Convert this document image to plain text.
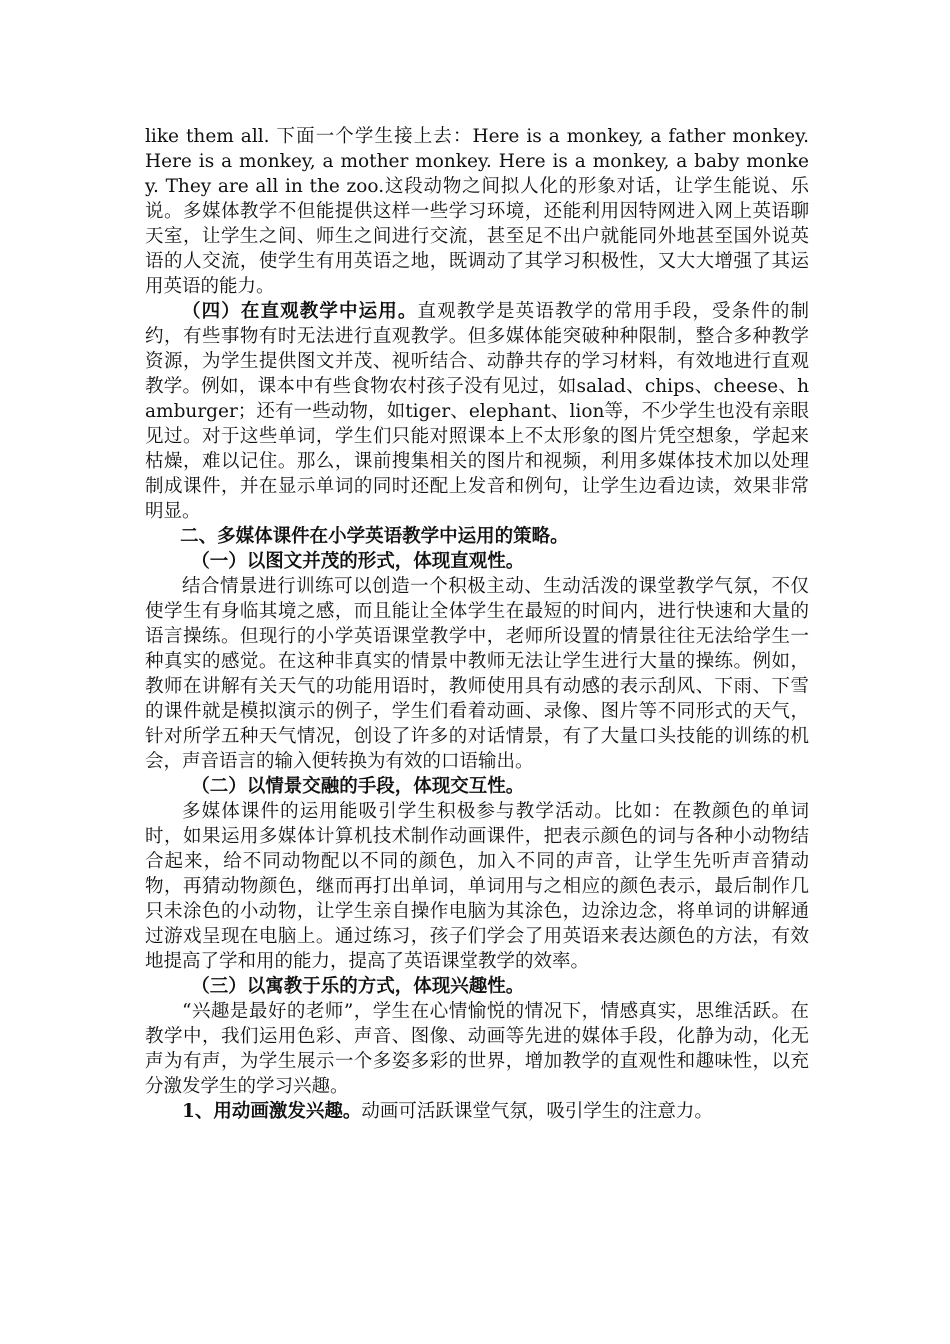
like them all. 下面一个学生接上去：Here is a monkey, a father monkey. Here is a monkey, a mother monkey. Here is a monkey, a baby monkey. They are all in the zoo.这段动物之间拟人化的形象对话，让学生能说、乐说。多媒体教学不但能提供这样一些学习环境，还能利用因特网进入网上英语聊天室，让学生之间、师生之间进行交流，甚至足不出户就能同外地甚至国外说英语的人交流，使学生有用英语之地，既调动了其学习积极性，又大大增强了其运用英语的能力。

（四）在直观教学中运用。直观教学是英语教学的常用手段，受条件的制约，有些事物有时无法进行直观教学。但多媒体能突破种种限制，整合多种教学资源，为学生提供图文并茂、视听结合、动静共存的学习材料，有效地进行直观教学。例如，课本中有些食物农村孩子没有见过，如salad、chips、cheese、hamburger；还有一些动物，如tiger、elephant、lion等，不少学生也没有亲眼见过。对于这些单词，学生们只能对照课本上不太形象的图片凭空想象，学起来枯燥，难以记住。那么，课前搜集相关的图片和视频，利用多媒体技术加以处理制成课件，并在显示单词的同时还配上发音和例句，让学生边看边读，效果非常明显。

二、多媒体课件在小学英语教学中运用的策略。

（一）以图文并茂的形式，体现直观性。

结合情景进行训练可以创造一个积极主动、生动活泼的课堂教学气氛，不仅使学生有身临其境之感，而且能让全体学生在最短的时间内，进行快速和大量的语言操练。但现行的小学英语课堂教学中，老师所设置的情景往往无法给学生一种真实的感觉。在这种非真实的情景中教师无法让学生进行大量的操练。例如，教师在讲解有关天气的功能用语时，教师使用具有动感的表示刮风、下雨、下雪的课件就是模拟演示的例子，学生们看着动画、录像、图片等不同形式的天气，针对所学五种天气情况，创设了许多的对话情景，有了大量口头技能的训练的机会，声音语言的输入便转换为有效的口语输出。

（二）以情景交融的手段，体现交互性。

多媒体课件的运用能吸引学生积极参与教学活动。比如：在教颜色的单词时，如果运用多媒体计算机技术制作动画课件，把表示颜色的词与各种小动物结合起来，给不同动物配以不同的颜色，加入不同的声音，让学生先听声音猜动物，再猜动物颜色，继而再打出单词，单词用与之相应的颜色表示，最后制作几只未涂色的小动物，让学生亲自操作电脑为其涂色，边涂边念，将单词的讲解通过游戏呈现在电脑上。通过练习，孩子们学会了用英语来表达颜色的方法，有效地提高了学和用的能力，提高了英语课堂教学的效率。

（三）以寓教于乐的方式，体现兴趣性。

“兴趣是最好的老师”，学生在心情愉悦的情况下，情感真实，思维活跃。在教学中，我们运用色彩、声音、图像、动画等先进的媒体手段，化静为动，化无声为有声，为学生展示一个多姿多彩的世界，增加教学的直观性和趣味性，以充分激发学生的学习兴趣。

1、用动画激发兴趣。动画可活跃课堂气氛，吸引学生的注意力。
